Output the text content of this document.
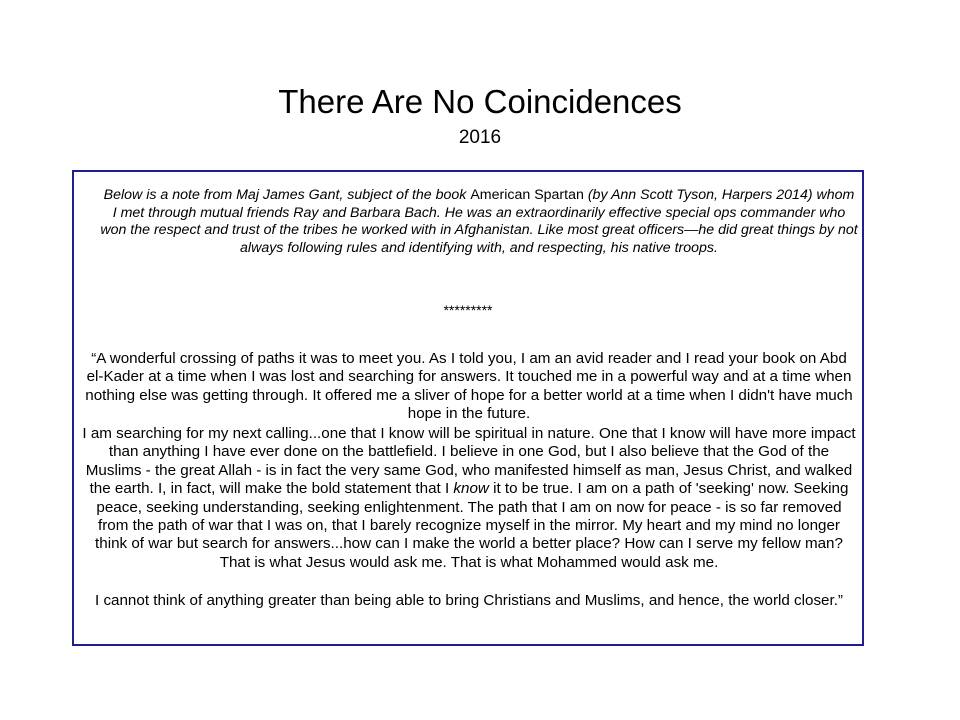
There Are No Coincidences
2016
Below is a note from Maj James Gant, subject of the book American Spartan (by Ann Scott Tyson, Harpers 2014) whom I met through mutual friends Ray and Barbara Bach. He was an extraordinarily effective special ops commander who won the respect and trust of the tribes he worked with in Afghanistan. Like most great officers—he did great things by not always following rules and identifying with, and respecting, his native troops.
*********
“A wonderful crossing of paths it was to meet you. As I told you, I am an avid reader and I read your book on Abd el-Kader at a time when I was lost and searching for answers. It touched me in a powerful way and at a time when nothing else was getting through. It offered me a sliver of hope for a better world at a time when I didn't have much hope in the future.
I am searching for my next calling...one that I know will be spiritual in nature. One that I know will have more impact than anything I have ever done on the battlefield. I believe in one God, but I also believe that the God of the Muslims - the great Allah - is in fact the very same God, who manifested himself as man, Jesus Christ, and walked the earth. I, in fact, will make the bold statement that I know it to be true. I am on a path of 'seeking' now. Seeking peace, seeking understanding, seeking enlightenment. The path that I am on now for peace - is so far removed from the path of war that I was on, that I barely recognize myself in the mirror. My heart and my mind no longer think of war but search for answers...how can I make the world a better place? How can I serve my fellow man? That is what Jesus would ask me. That is what Mohammed would ask me.
I cannot think of anything greater than being able to bring Christians and Muslims, and hence, the world closer.”
